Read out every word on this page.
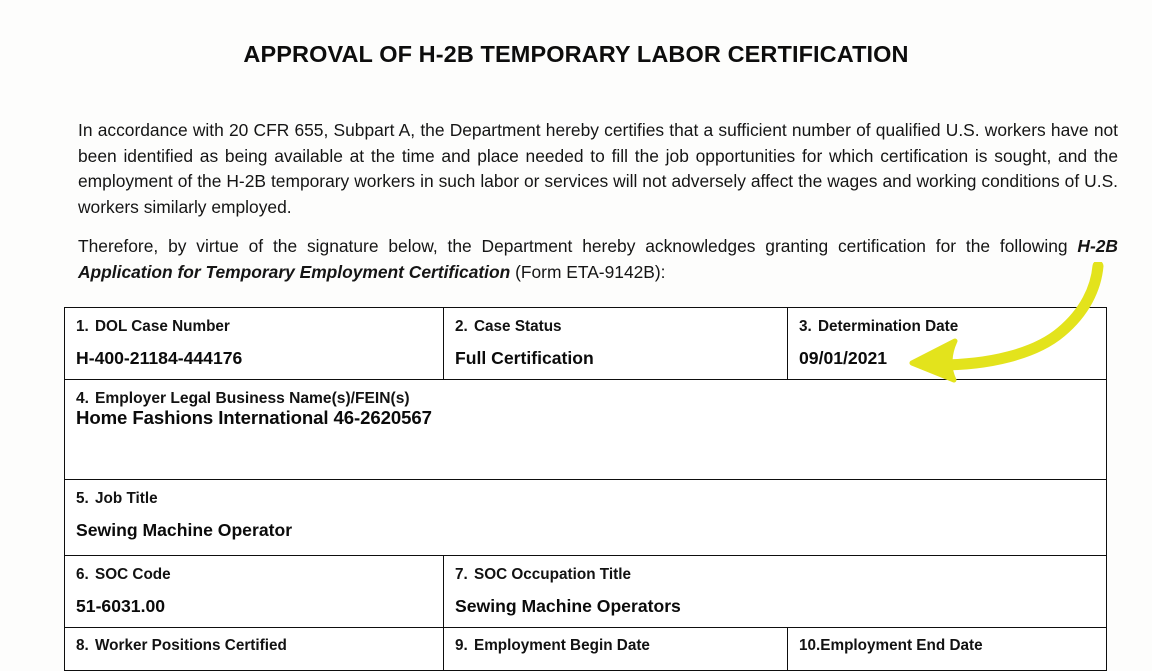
APPROVAL OF H-2B TEMPORARY LABOR CERTIFICATION

In accordance with 20 CFR 655, Subpart A, the Department hereby certifies that a sufficient number of qualified U.S. workers have not been identified as being available at the time and place needed to fill the job opportunities for which certification is sought, and the employment of the H-2B temporary workers in such labor or services will not adversely affect the wages and working conditions of U.S. workers similarly employed.

Therefore, by virtue of the signature below, the Department hereby acknowledges granting certification for the following H-2B Application for Temporary Employment Certification (Form ETA-9142B):

1. DOL Case Number
H-400-21184-444176

2. Case Status
Full Certification

3. Determination Date
09/01/2021

4. Employer Legal Business Name(s)/FEIN(s)
Home Fashions International 46-2620567		

5. Job Title
Sewing Machine Operator		

6. SOC Code
51-6031.00

7. SOC Occupation Title
Sewing Machine Operators

8. Worker Positions Certified	9. Employment Begin Date	10.Employment End Date
